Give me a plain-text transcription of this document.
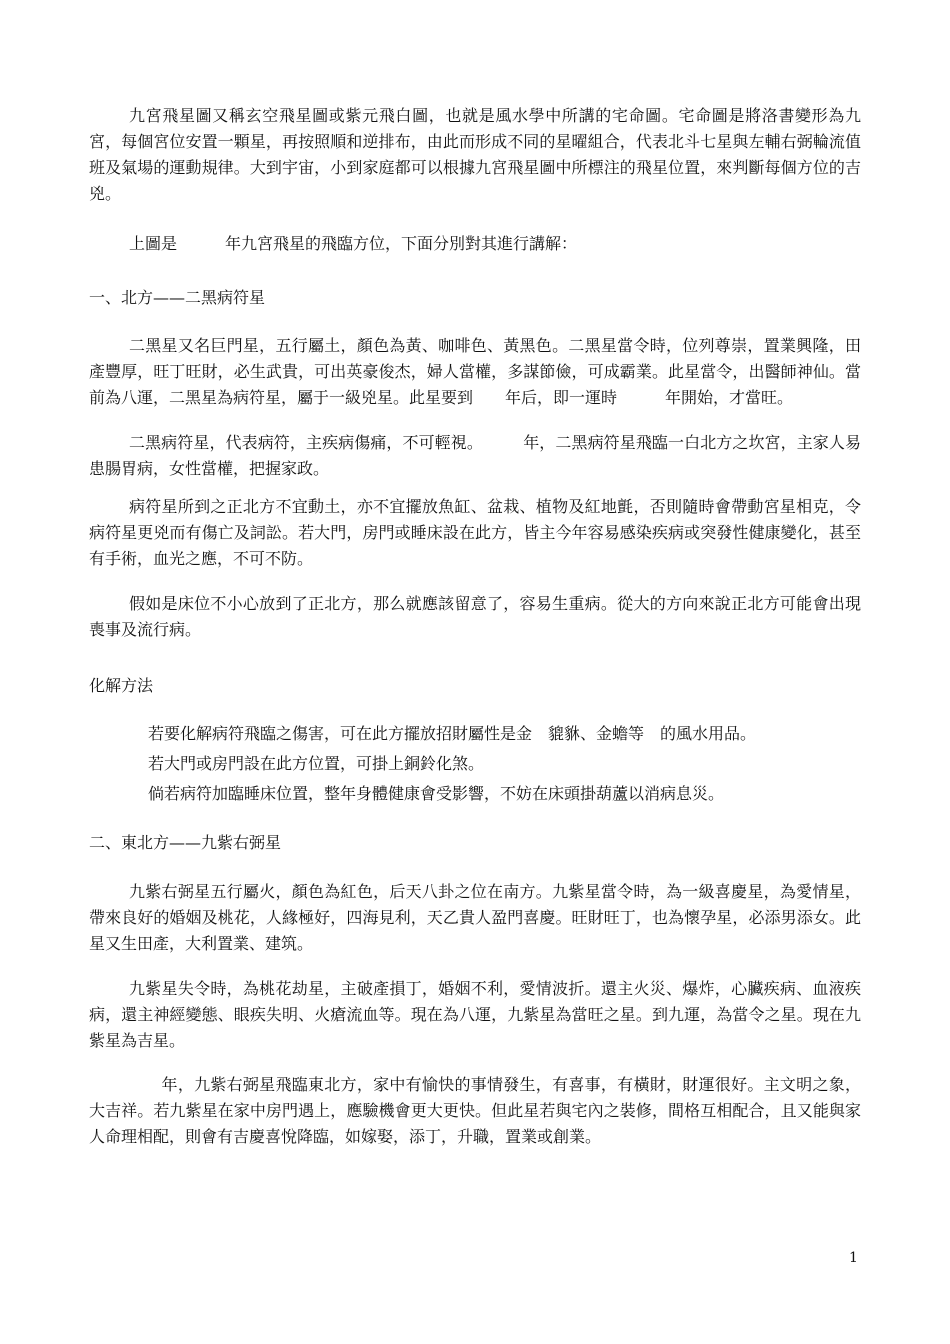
九宮飛星圖又稱玄空飛星圖或紫元飛白圖，也就是風水學中所講的宅命圖。宅命圖是將洛書變形為九宮，每個宮位安置一顆星，再按照順和逆排布，由此而形成不同的星曜組合，代表北斗七星與左輔右弼輪流值班及氣場的運動規律。大到宇宙，小到家庭都可以根據九宮飛星圖中所標注的飛星位置，來判斷每個方位的吉兇。

上圖是　　　年九宮飛星的飛臨方位，下面分別對其進行講解：

一、北方——二黑病符星

二黑星又名巨門星，五行屬土，顏色為黃、咖啡色、黃黑色。二黑星當令時，位列尊崇，置業興隆，田產豐厚，旺丁旺財，必生武貴，可出英豪俊杰，婦人當權，多謀節儉，可成霸業。此星當令，出醫師神仙。當前為八運，二黑星為病符星，屬于一級兇星。此星要到　　年后，即一運時　　　年開始，才當旺。

二黑病符星，代表病符，主疾病傷痛，不可輕視。　　　年，二黑病符星飛臨一白北方之坎宮，主家人易患腸胃病，女性當權，把握家政。

病符星所到之正北方不宜動土，亦不宜擺放魚缸、盆栽、植物及紅地氈，否則隨時會帶動宮星相克，令病符星更兇而有傷亡及詞訟。若大門，房門或睡床設在此方，皆主今年容易感染疾病或突發性健康變化，甚至有手術，血光之應，不可不防。

假如是床位不小心放到了正北方，那么就應該留意了，容易生重病。從大的方向來說正北方可能會出現喪事及流行病。

化解方法

若要化解病符飛臨之傷害，可在此方擺放招財屬性是金　貔貅、金蟾等　的風水用品。

若大門或房門設在此方位置，可掛上銅鈴化煞。

倘若病符加臨睡床位置，整年身體健康會受影響，不妨在床頭掛葫蘆以消病息災。

二、東北方——九紫右弼星

九紫右弼星五行屬火，顏色為紅色，后天八卦之位在南方。九紫星當令時，為一級喜慶星，為愛情星，帶來良好的婚姻及桃花，人緣極好，四海見利，天乙貴人盈門喜慶。旺財旺丁，也為懷孕星，必添男添女。此星又生田產，大利置業、建筑。

九紫星失令時，為桃花劫星，主破產損丁，婚姻不利，愛情波折。還主火災、爆炸，心臟疾病、血液疾病，還主神經變態、眼疾失明、火瘡流血等。現在為八運，九紫星為當旺之星。到九運，為當令之星。現在九紫星為吉星。

　　年，九紫右弼星飛臨東北方，家中有愉快的事情發生，有喜事，有橫財，財運很好。主文明之象，大吉祥。若九紫星在家中房門遇上，應驗機會更大更快。但此星若與宅內之裝修，間格互相配合，且又能與家人命理相配，則會有吉慶喜悅降臨，如嫁娶，添丁，升職，置業或創業。

1
